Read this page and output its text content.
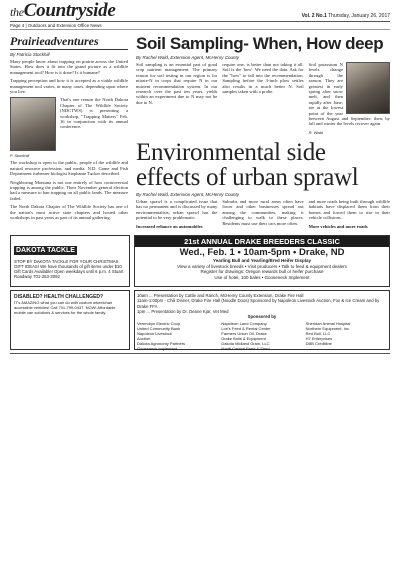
theCountryside	Vol. 2 No.1 Thursday, January 26, 2017
Page 4 | Outdoors and Extension Office News
Prairieadventures
By Patricia Stockhill

Many people know about trapping on prairie across the United States. How does it fit into the grand picture as a wildlife management tool? How is it done? Is it humane?

Trapping perception and how it is accepted as a viable wildlife management tool varies, in many cases, depending upon where you live.

That's one reason the North Dakota Chapter of The Wildlife Society (NDCTWS) is presenting a workshop, "Trapping Matters" Feb. 16 in conjunction with its annual conference.

P. Stockhill

The workshop is open to the public, people of the wildlife and natural resource profession, and media. N.D. Game and Fish Department furbearer biologist Stephanie Tucker described.

Neighboring Montana is not one entirely of how controversial trapping is among the public. Their November general election had a measure to ban trapping on all public lands. The measure failed.

The North Dakota Chapter of The Wildlife Society has one of the nation's most active state chapters and hosted other workshops in past years as part of its annual gathering.

Soil Sampling- When, How deep
By Rachel Wald, Extension Agent, McHenry County

Soil sampling is an essential part of good crop nutrient management. The primary reason for soil testing in our region is for nitrate-N in crops that require N in our nutrient recommendation system. In our research over the past ten years, yields within an experiment due to N may not be due to N.

require one, is better than not taking it all. Soil is the 'how'. We need the data. Ask for the "how" to fall into the recommendation. Sampling before the 3-inch plow settles also results in a much better N. Soil samples taken with a probe.

Soil potassium N levels change through the season. They are greatest in early spring after snow melt, and then rapidly after June; are at the lowest point of the year between August and September; then, by fall and winter the levels recover again.

R. Wald
Environmental side effects of urban sprawl
By Rachel Wald, Extension Agent, McHenry County

Urban sprawl is a complicated issue that has no permanent and is discussed by many environmentalists, urban sprawl has the potential to be very problematic.

Increased reliance on automobiles

Suburbs and more rural areas often have lower and other businesses spread out among the communities, making it challenging to walk to these places. Residents must use their cars more often.

and more roads being built through wildlife habitats have displaced them from their homes and forced them to rise in their vehicle collisions.

More vehicles and more roads

DAKOTA TACKLE
STOP BY DAKOTA TACKLE FOR YOUR CHRISTMAS GIFT IDEAS! We have thousands of gift items under $10 Gift Cards Available! Open weekdays until 6 p.m. 4 Stuart Roadway 701-263-3092
21st ANNUAL DRAKE BREEDERS CLASSIC
Wed., Feb. 1 • 10am-5pm • Drake, ND
Yearling Bull and Yearling/Bred Heifer Display
View a variety of livestock breeds • Visit producers • Talk to feed & equipment dealers
Register for drawings: Oregon rewards bull or heifer purchase
Use of hotel, 100 bales • Gooseneck Implement
DISABLED? HEALTH CHALLENGED?
IT's AMAZING what you can do with custom wheelchair accessible vehicles! Call 701-799-0437. NOW! Affordable mobile van solutions & services for the whole family.
10am ... Presentation by Cattle and Ranch, McHenry County Extension, Drake Fire Hall
11am-1:00pm - Chili Dinner, Drake Fire Hall (Noodle Doos) Sponsored by Napoleon Livestock Auction, Fox & Ice Cream and by Drake FFA
1pm ... Presentation by Dr. Deane Kjar, Vet Med
Sponsored by
Verendrye Electric Coop	Napoleon Land Company	Sheridan Animal Hospital
United Community Bank	Lori's Feed & Rental Center	Northern Equipment, Inc.
Napoleon Livestock	Farmers Union Oil, Drake	Red Bull, LLC
Auction	Drake Bulls & Equipment	H7 Enterprises
Dakota Agronomy Partners	Dakota Midland Grain, LLC	DBB Creditline
Gooseneck Implement	North Central Feed & Seed
